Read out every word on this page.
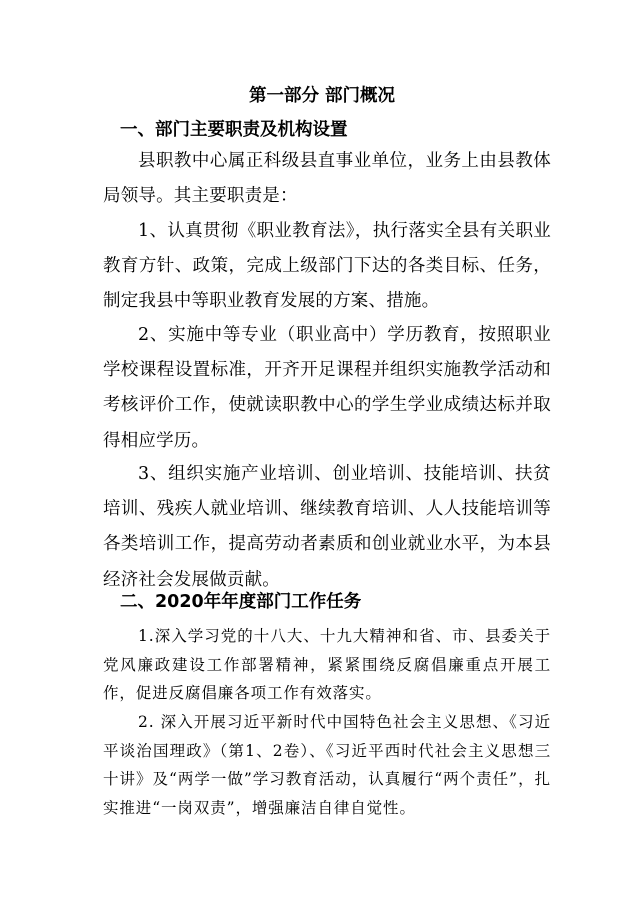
第一部分 部门概况
一、部门主要职责及机构设置
县职教中心属正科级县直事业单位，业务上由县教体局领导。其主要职责是：
1、认真贯彻《职业教育法》，执行落实全县有关职业教育方针、政策，完成上级部门下达的各类目标、任务，制定我县中等职业教育发展的方案、措施。
2、实施中等专业（职业高中）学历教育，按照职业学校课程设置标准，开齐开足课程并组织实施教学活动和考核评价工作，使就读职教中心的学生学业成绩达标并取得相应学历。
3、组织实施产业培训、创业培训、技能培训、扶贫培训、残疾人就业培训、继续教育培训、人人技能培训等各类培训工作，提高劳动者素质和创业就业水平，为本县经济社会发展做贡献。
二、2020年年度部门工作任务
1.深入学习党的十八大、十九大精神和省、市、县委关于党风廉政建设工作部署精神，紧紧围绕反腐倡廉重点开展工作，促进反腐倡廉各项工作有效落实。
2. 深入开展习近平新时代中国特色社会主义思想、《习近平谈治国理政》（第1、2卷）、《习近平西时代社会主义思想三十讲》及“两学一做”学习教育活动，认真履行“两个责任”，扎实推进“一岗双责”，增强廉洁自律自觉性。
